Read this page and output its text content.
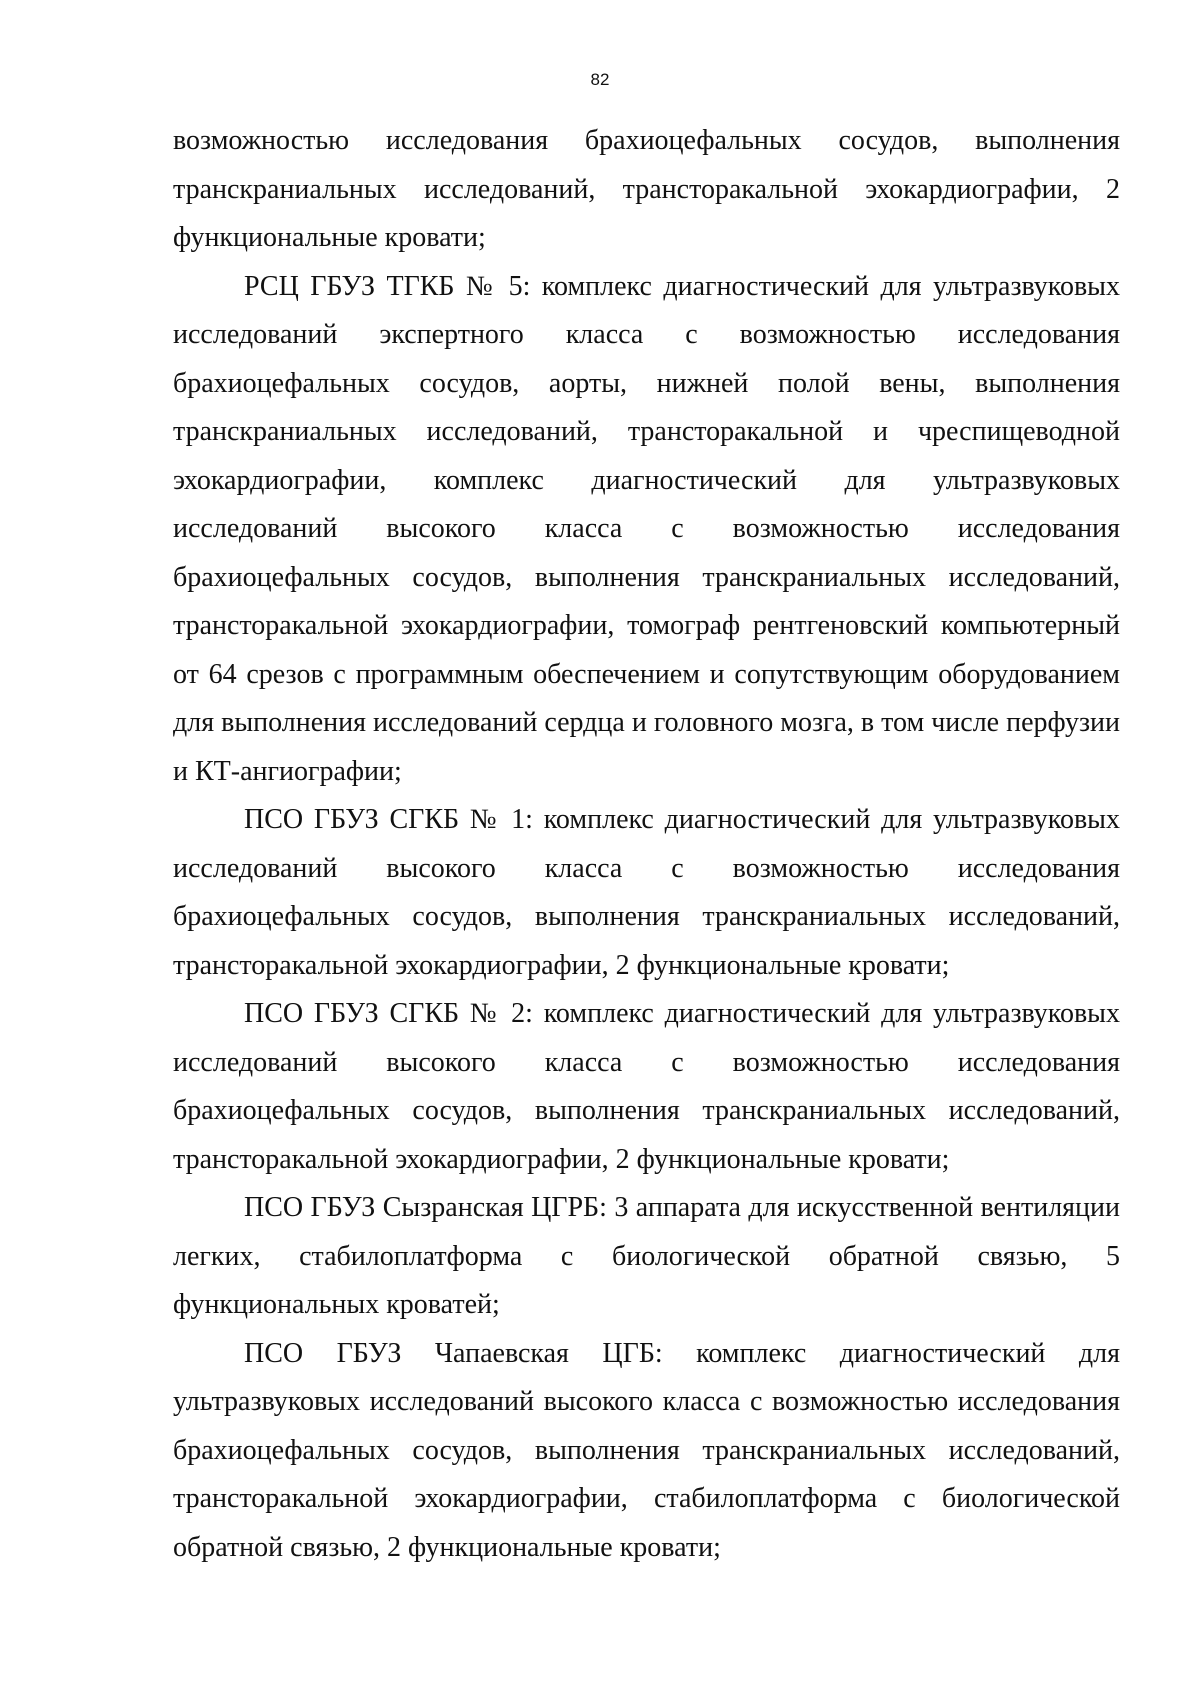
82

возможностью исследования брахиоцефальных сосудов, выполнения транскраниальных исследований, трансторакальной эхокардиографии, 2 функциональные кровати;

РСЦ ГБУЗ ТГКБ № 5: комплекс диагностический для ультразвуковых исследований экспертного класса с возможностью исследования брахиоцефальных сосудов, аорты, нижней полой вены, выполнения транскраниальных исследований, трансторакальной и чреспищеводной эхокардиографии, комплекс диагностический для ультразвуковых исследований высокого класса с возможностью исследования брахиоцефальных сосудов, выполнения транскраниальных исследований, трансторакальной эхокардиографии, томограф рентгеновский компьютерный от 64 срезов с программным обеспечением и сопутствующим оборудованием для выполнения исследований сердца и головного мозга, в том числе перфузии и КТ-ангиографии;

ПСО ГБУЗ СГКБ № 1: комплекс диагностический для ультразвуковых исследований высокого класса с возможностью исследования брахиоцефальных сосудов, выполнения транскраниальных исследований, трансторакальной эхокардиографии, 2 функциональные кровати;

ПСО ГБУЗ СГКБ № 2: комплекс диагностический для ультразвуковых исследований высокого класса с возможностью исследования брахиоцефальных сосудов, выполнения транскраниальных исследований, трансторакальной эхокардиографии, 2 функциональные кровати;

ПСО ГБУЗ Сызранская ЦГРБ: 3 аппарата для искусственной вентиляции легких, стабилоплатформа с биологической обратной связью, 5 функциональных кроватей;

ПСО ГБУЗ Чапаевская ЦГБ: комплекс диагностический для ультразвуковых исследований высокого класса с возможностью исследования брахиоцефальных сосудов, выполнения транскраниальных исследований, трансторакальной эхокардиографии, стабилоплатформа с биологической обратной связью, 2 функциональные кровати;
